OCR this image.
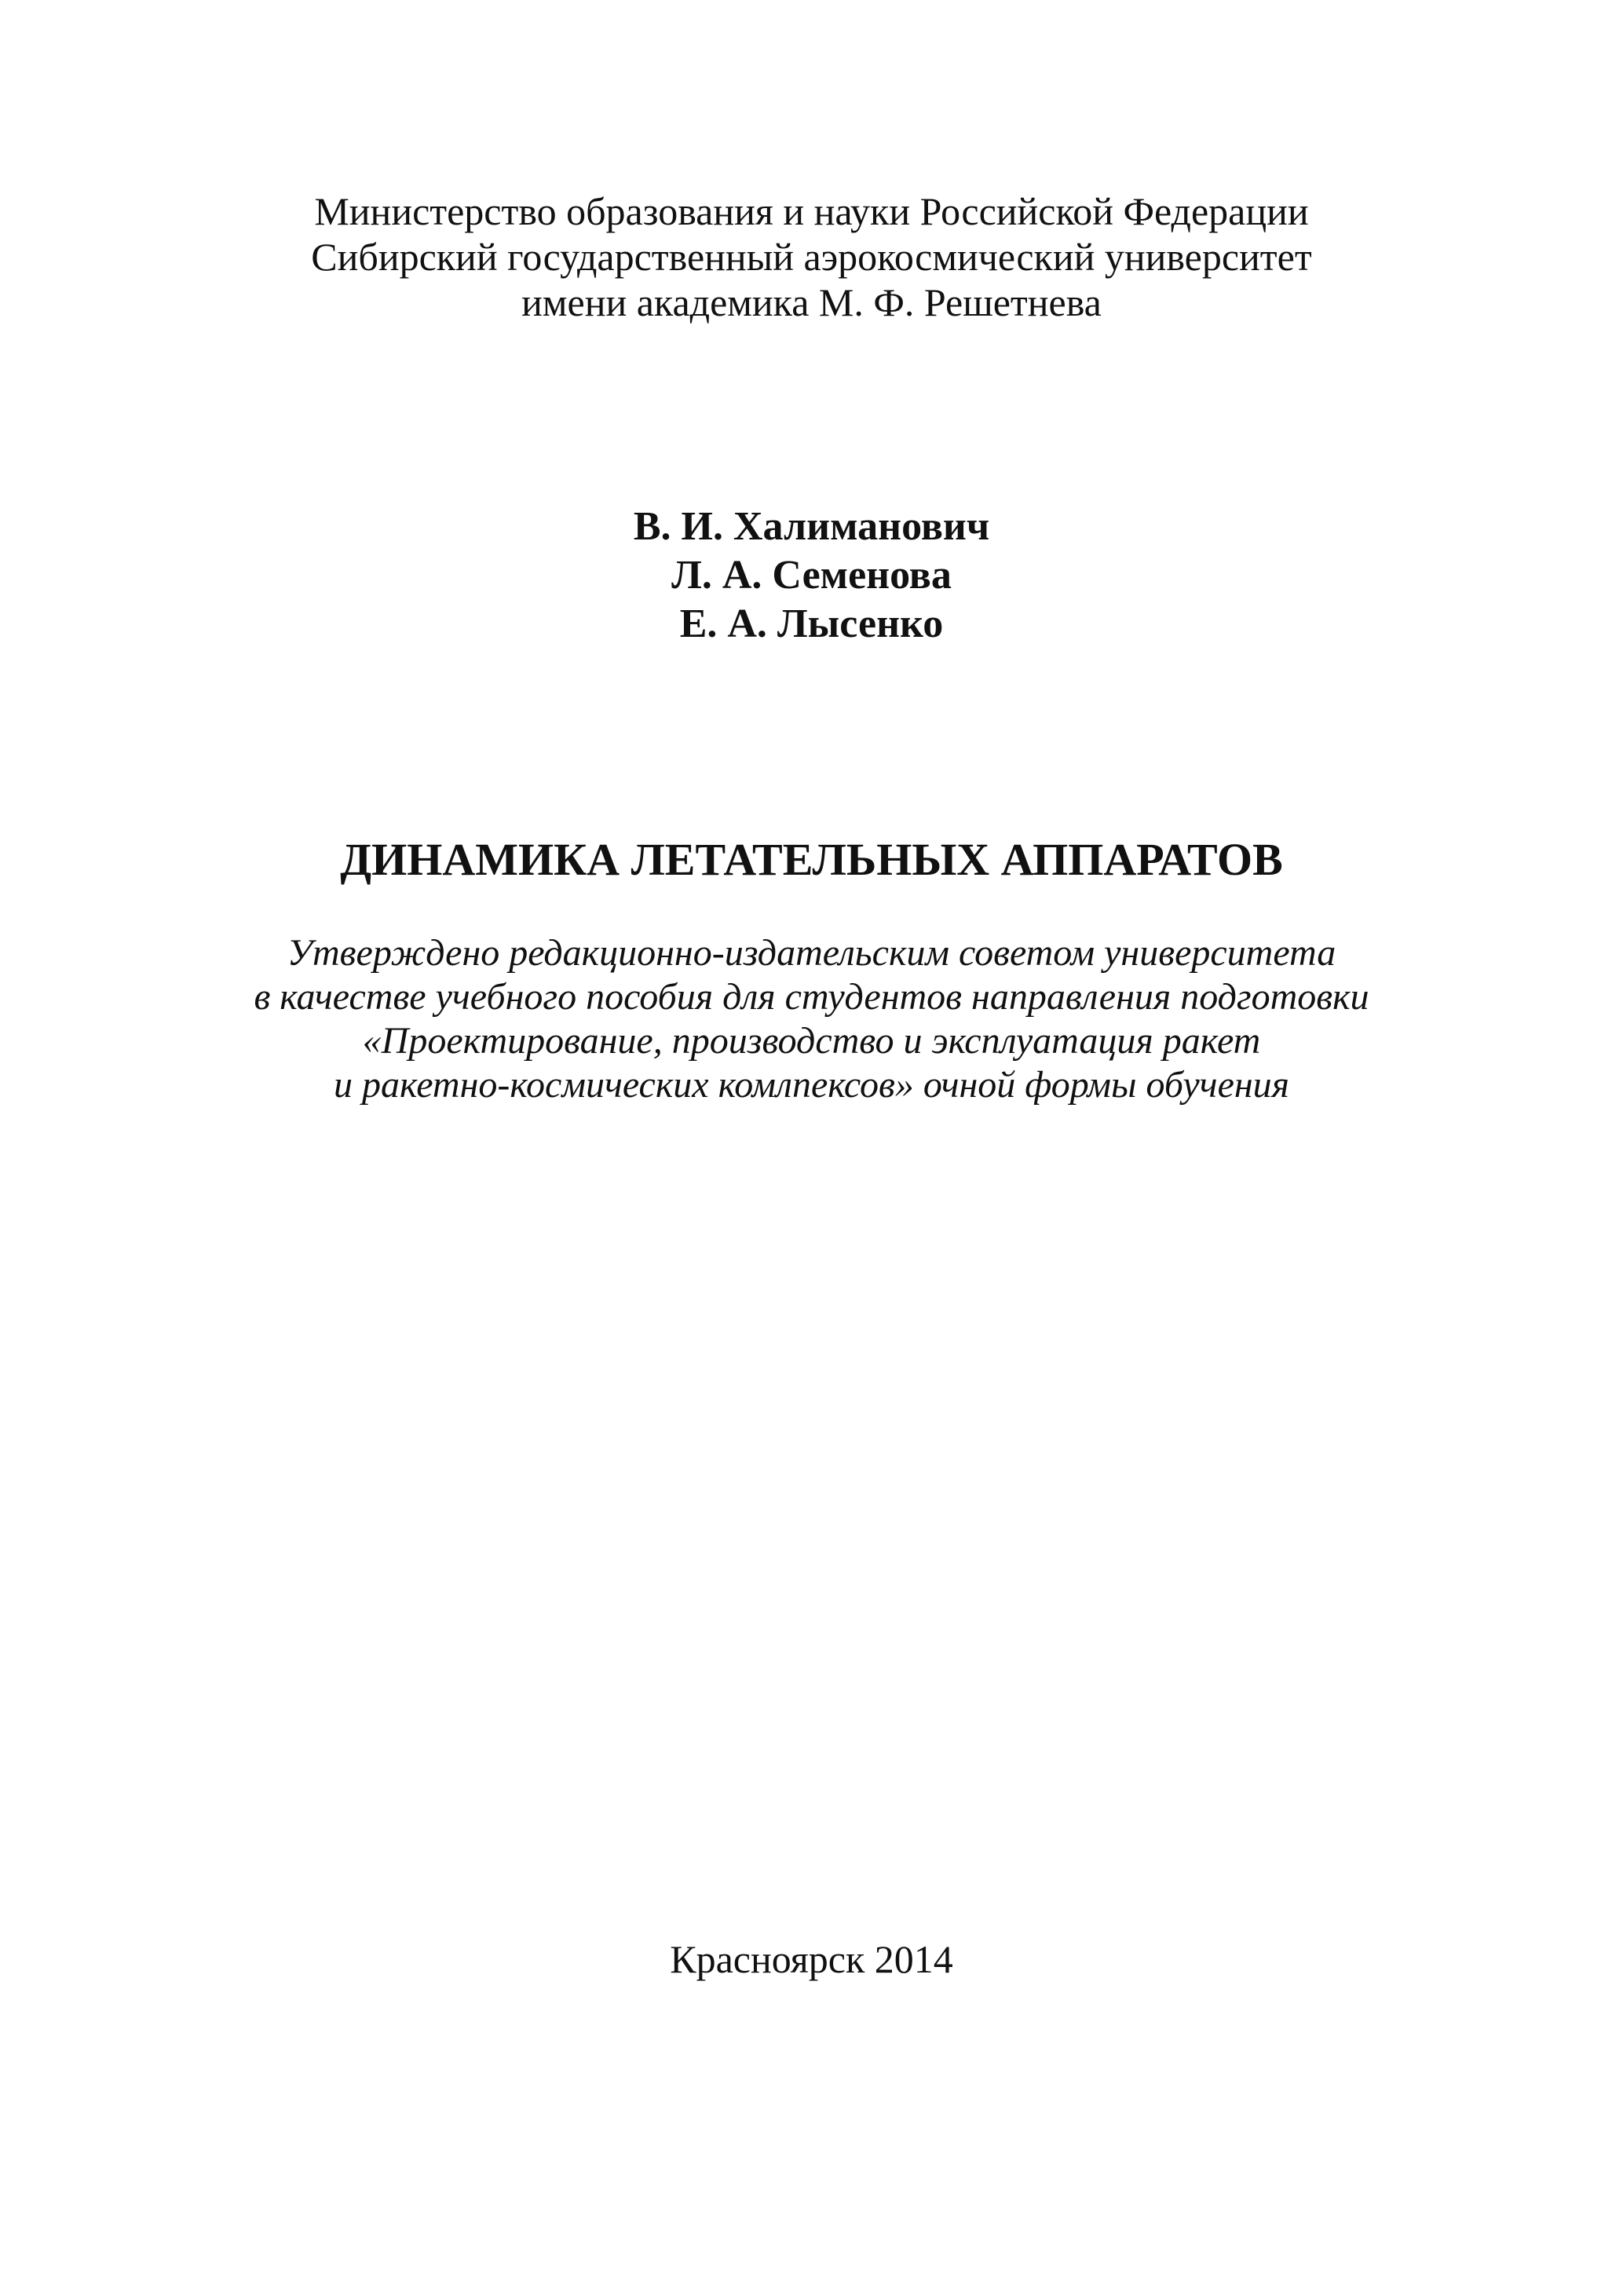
Министерство образования и науки Российской Федерации
Сибирский государственный аэрокосмический университет
имени академика М. Ф. Решетнева
В. И. Халиманович
Л. А. Семенова
Е. А. Лысенко
ДИНАМИКА ЛЕТАТЕЛЬНЫХ АППАРАТОВ
Утверждено редакционно-издательским советом университета
в качестве учебного пособия для студентов направления подготовки
«Проектирование, производство и эксплуатация ракет
и ракетно-космических комлпексов» очной формы обучения
Красноярск 2014
